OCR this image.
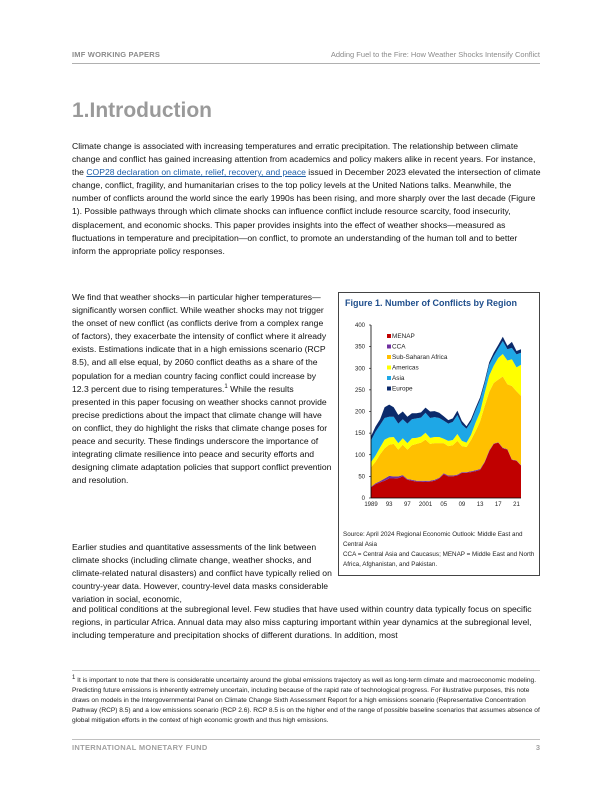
IMF WORKING PAPERS	Adding Fuel to the Fire: How Weather Shocks Intensify Conflict
1.Introduction
Climate change is associated with increasing temperatures and erratic precipitation. The relationship between climate change and conflict has gained increasing attention from academics and policy makers alike in recent years. For instance, the COP28 declaration on climate, relief, recovery, and peace issued in December 2023 elevated the intersection of climate change, conflict, fragility, and humanitarian crises to the top policy levels at the United Nations talks. Meanwhile, the number of conflicts around the world since the early 1990s has been rising, and more sharply over the last decade (Figure 1). Possible pathways through which climate shocks can influence conflict include resource scarcity, food insecurity, displacement, and economic shocks. This paper provides insights into the effect of weather shocks—measured as fluctuations in temperature and precipitation—on conflict, to promote an understanding of the human toll and to better inform the appropriate policy responses.
We find that weather shocks—in particular higher temperatures—significantly worsen conflict. While weather shocks may not trigger the onset of new conflict (as conflicts derive from a complex range of factors), they exacerbate the intensity of conflict where it already exists. Estimations indicate that in a high emissions scenario (RCP 8.5), and all else equal, by 2060 conflict deaths as a share of the population for a median country facing conflict could increase by 12.3 percent due to rising temperatures.$^1$ While the results presented in this paper focusing on weather shocks cannot provide precise predictions about the impact that climate change will have on conflict, they do highlight the risks that climate change poses for peace and security. These findings underscore the importance of integrating climate resilience into peace and security efforts and designing climate adaptation policies that support conflict prevention and resolution.
Earlier studies and quantitative assessments of the link between climate shocks (including climate change, weather shocks, and climate-related natural disasters) and conflict have typically relied on country-year data. However, country-level data masks considerable variation in social, economic,
and political conditions at the subregional level. Few studies that have used within country data typically focus on specific regions, in particular Africa. Annual data may also miss capturing important within year dynamics at the subregional level, including temperature and precipitation shocks of different durations. In addition, most
Figure 1. Number of Conflicts by Region
0
50
100
150
200
250
300
350
400
1989 93 97 2001 05 09 13 17 21
MENAP
CCA
Sub-Saharan Africa
Americas
Asia
Europe
Source: April 2024 Regional Economic Outlook: Middle East and Central Asia
CCA = Central Asia and Caucasus; MENAP = Middle East and North Africa, Afghanistan, and Pakistan.
$^1$ It is important to note that there is considerable uncertainty around the global emissions trajectory as well as long-term climate and macroeconomic modeling. Predicting future emissions is inherently extremely uncertain, including because of the rapid rate of technological progress. For illustrative purposes, this note draws on models in the Intergovernmental Panel on Climate Change Sixth Assessment Report for a high emissions scenario (Representative Concentration Pathway (RCP) 8.5) and a low emissions scenario (RCP 2.6). RCP 8.5 is on the higher end of the range of possible baseline scenarios that assumes absence of global mitigation efforts in the context of high economic growth and thus high emissions.
INTERNATIONAL MONETARY FUND	3
